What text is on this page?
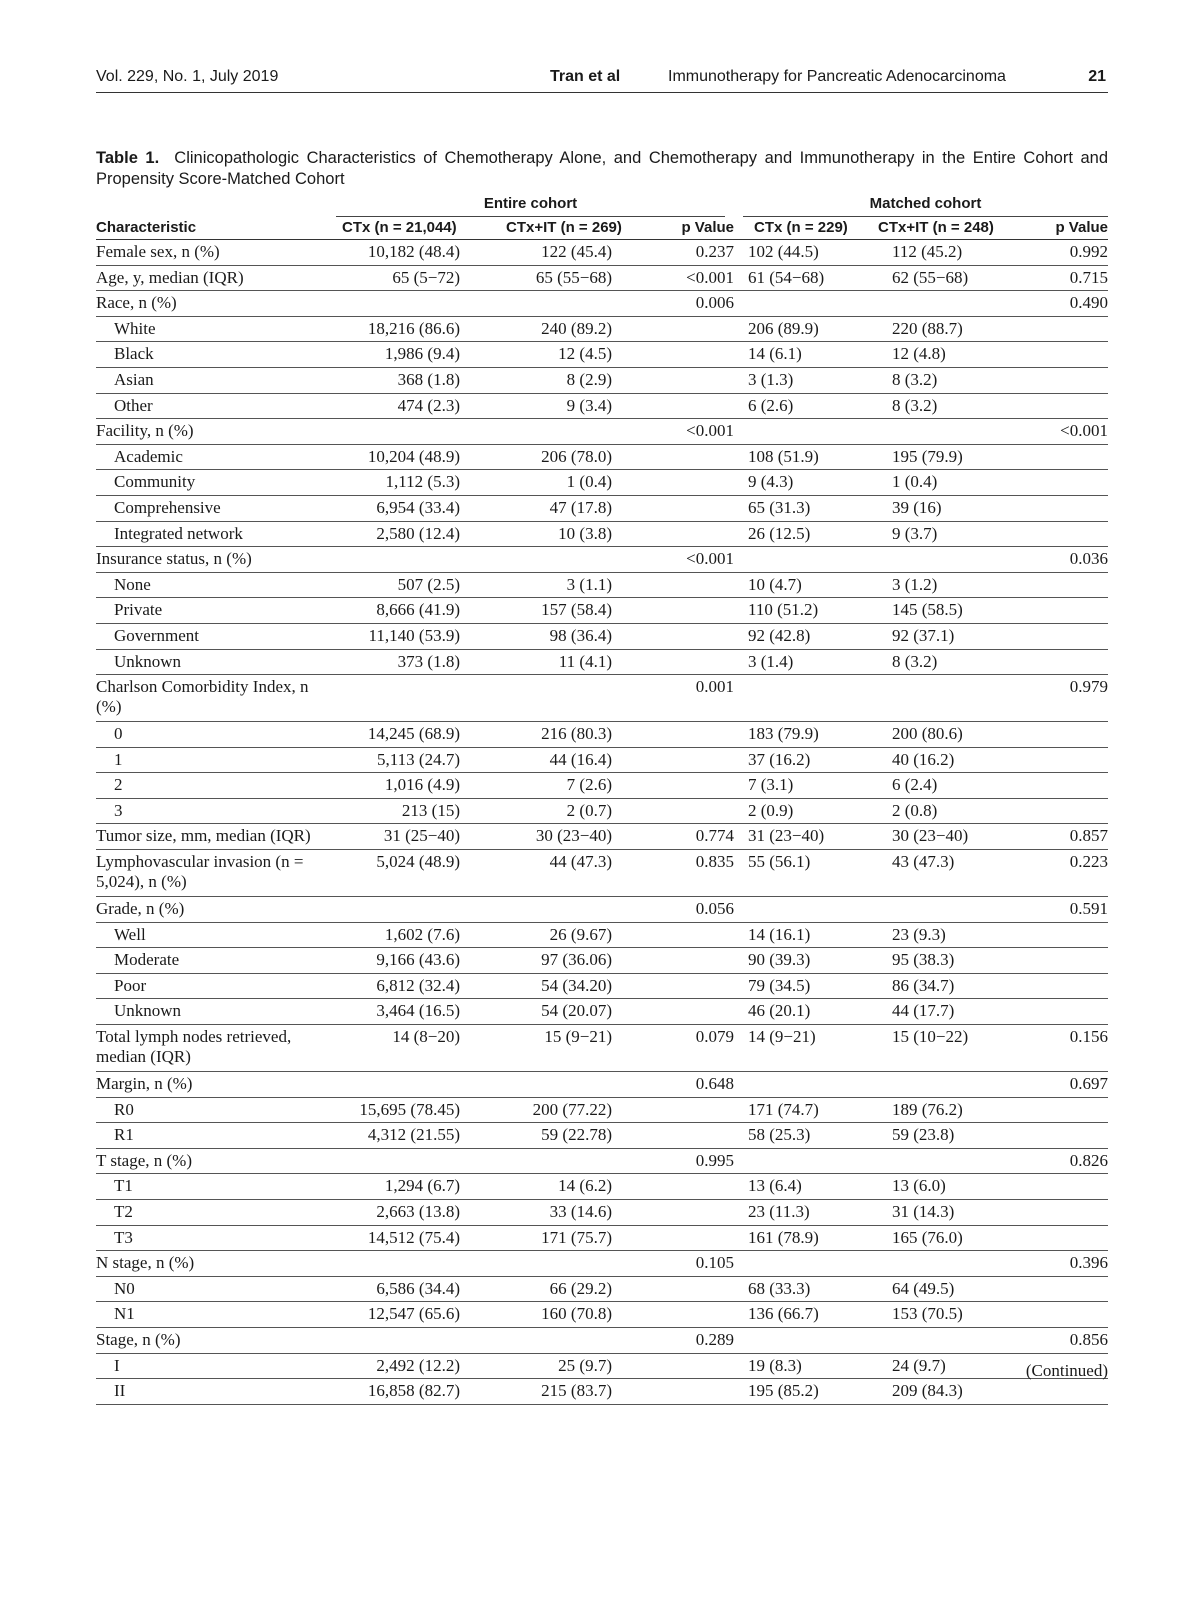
Vol. 229, No. 1, July 2019	Tran et al	Immunotherapy for Pancreatic Adenocarcinoma	21
Table 1. Clinicopathologic Characteristics of Chemotherapy Alone, and Chemotherapy and Immunotherapy in the Entire Cohort and Propensity Score-Matched Cohort
	Entire cohort			Matched cohort		
Characteristic	CTx (n = 21,044)	CTx+IT (n = 269)	p Value	CTx (n = 229)	CTx+IT (n = 248)	p Value
Female sex, n (%)	10,182 (48.4)	122 (45.4)	0.237	102 (44.5)	112 (45.2)	0.992
Age, y, median (IQR)	65 (5−72)	65 (55−68)	<0.001	61 (54−68)	62 (55−68)	0.715
Race, n (%)			0.006			0.490
White	18,216 (86.6)	240 (89.2)		206 (89.9)	220 (88.7)	
Black	1,986 (9.4)	12 (4.5)		14 (6.1)	12 (4.8)	
Asian	368 (1.8)	8 (2.9)		3 (1.3)	8 (3.2)	
Other	474 (2.3)	9 (3.4)		6 (2.6)	8 (3.2)	
Facility, n (%)			<0.001			<0.001
Academic	10,204 (48.9)	206 (78.0)		108 (51.9)	195 (79.9)	
Community	1,112 (5.3)	1 (0.4)		9 (4.3)	1 (0.4)	
Comprehensive	6,954 (33.4)	47 (17.8)		65 (31.3)	39 (16)	
Integrated network	2,580 (12.4)	10 (3.8)		26 (12.5)	9 (3.7)	
Insurance status, n (%)			<0.001			0.036
None	507 (2.5)	3 (1.1)		10 (4.7)	3 (1.2)	
Private	8,666 (41.9)	157 (58.4)		110 (51.2)	145 (58.5)	
Government	11,140 (53.9)	98 (36.4)		92 (42.8)	92 (37.1)	
Unknown	373 (1.8)	11 (4.1)		3 (1.4)	8 (3.2)	
Charlson Comorbidity Index, n (%)			0.001			0.979
0	14,245 (68.9)	216 (80.3)		183 (79.9)	200 (80.6)	
1	5,113 (24.7)	44 (16.4)		37 (16.2)	40 (16.2)	
2	1,016 (4.9)	7 (2.6)		7 (3.1)	6 (2.4)	
3	213 (15)	2 (0.7)		2 (0.9)	2 (0.8)	
Tumor size, mm, median (IQR)	31 (25−40)	30 (23−40)	0.774	31 (23−40)	30 (23−40)	0.857
Lymphovascular invasion (n = 5,024), n (%)	5,024 (48.9)	44 (47.3)	0.835	55 (56.1)	43 (47.3)	0.223
Grade, n (%)			0.056			0.591
Well	1,602 (7.6)	26 (9.67)		14 (16.1)	23 (9.3)	
Moderate	9,166 (43.6)	97 (36.06)		90 (39.3)	95 (38.3)	
Poor	6,812 (32.4)	54 (34.20)		79 (34.5)	86 (34.7)	
Unknown	3,464 (16.5)	54 (20.07)		46 (20.1)	44 (17.7)	
Total lymph nodes retrieved, median (IQR)	14 (8−20)	15 (9−21)	0.079	14 (9−21)	15 (10−22)	0.156
Margin, n (%)			0.648			0.697
R0	15,695 (78.45)	200 (77.22)		171 (74.7)	189 (76.2)	
R1	4,312 (21.55)	59 (22.78)		58 (25.3)	59 (23.8)	
T stage, n (%)			0.995			0.826
T1	1,294 (6.7)	14 (6.2)		13 (6.4)	13 (6.0)	
T2	2,663 (13.8)	33 (14.6)		23 (11.3)	31 (14.3)	
T3	14,512 (75.4)	171 (75.7)		161 (78.9)	165 (76.0)	
N stage, n (%)			0.105			0.396
N0	6,586 (34.4)	66 (29.2)		68 (33.3)	64 (49.5)	
N1	12,547 (65.6)	160 (70.8)		136 (66.7)	153 (70.5)	
Stage, n (%)			0.289			0.856
I	2,492 (12.2)	25 (9.7)		19 (8.3)	24 (9.7)	
II	16,858 (82.7)	215 (83.7)		195 (85.2)	209 (84.3)	
(Continued)
